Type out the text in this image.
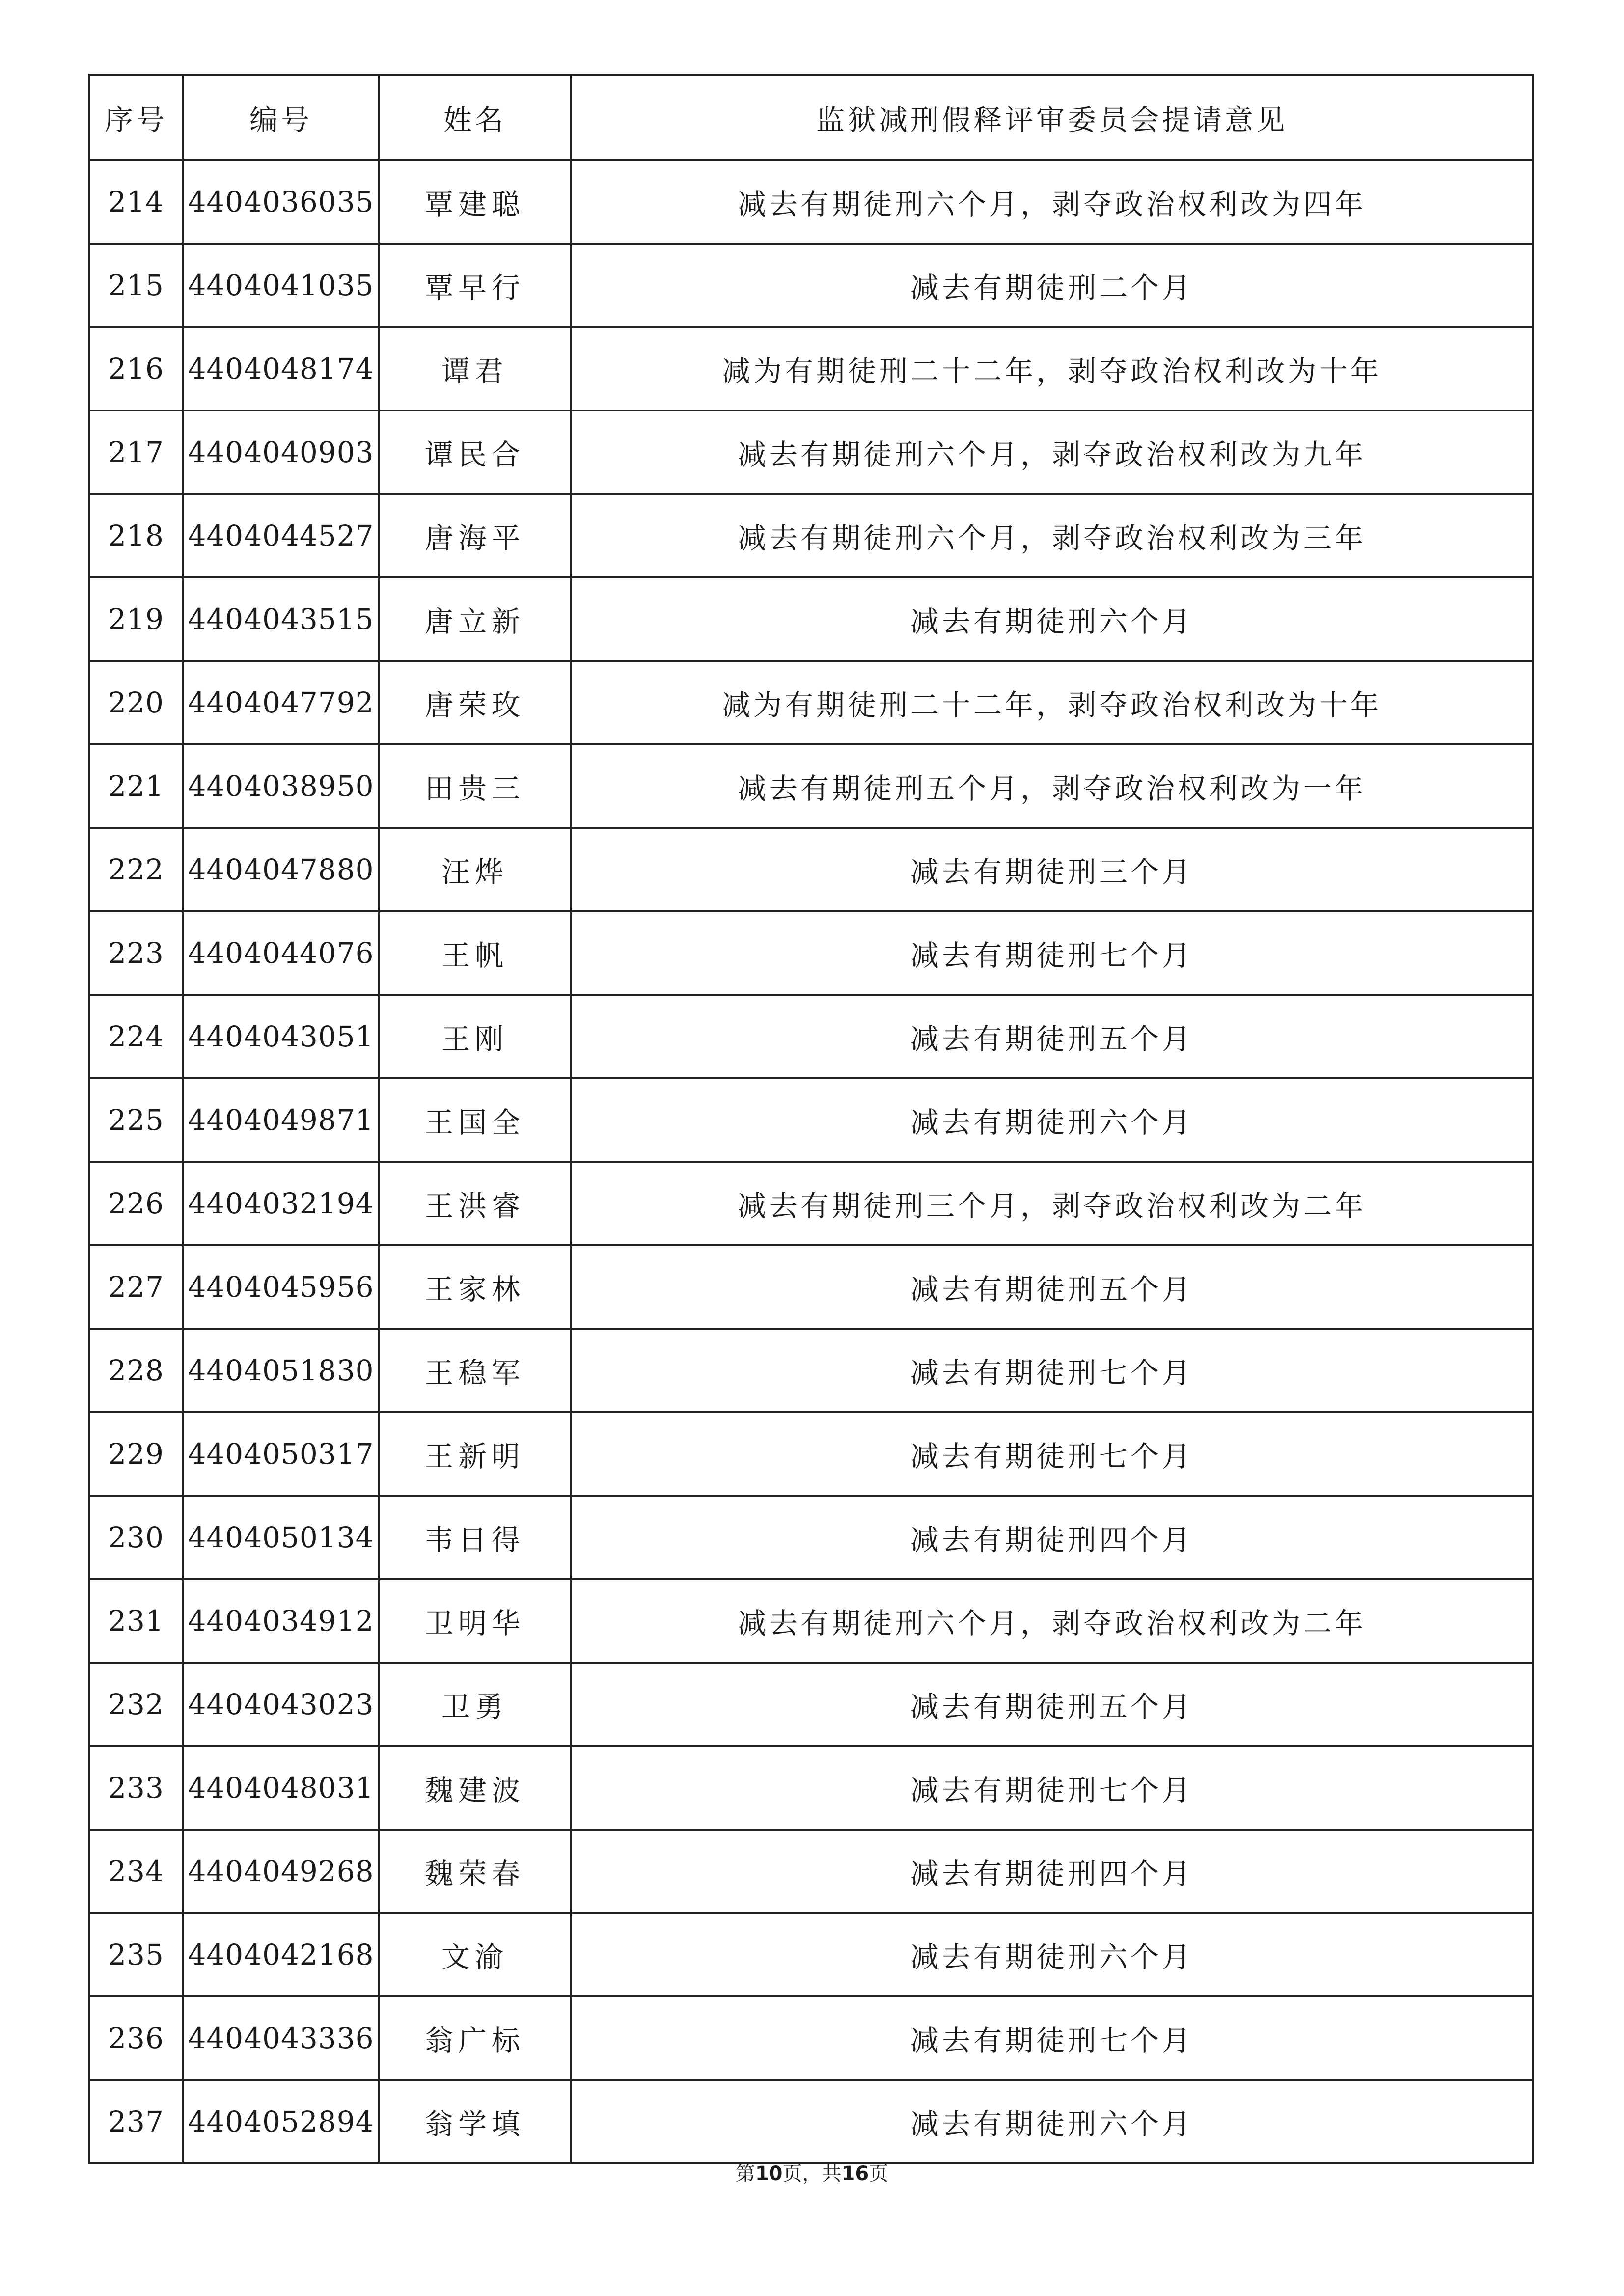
序号	编号	姓名	监狱减刑假释评审委员会提请意见
214	4404036035	覃建聪	减去有期徒刑六个月，剥夺政治权利改为四年
215	4404041035	覃早行	减去有期徒刑二个月
216	4404048174	谭君	减为有期徒刑二十二年，剥夺政治权利改为十年
217	4404040903	谭民合	减去有期徒刑六个月，剥夺政治权利改为九年
218	4404044527	唐海平	减去有期徒刑六个月，剥夺政治权利改为三年
219	4404043515	唐立新	减去有期徒刑六个月
220	4404047792	唐荣玫	减为有期徒刑二十二年，剥夺政治权利改为十年
221	4404038950	田贵三	减去有期徒刑五个月，剥夺政治权利改为一年
222	4404047880	汪烨	减去有期徒刑三个月
223	4404044076	王帆	减去有期徒刑七个月
224	4404043051	王刚	减去有期徒刑五个月
225	4404049871	王国全	减去有期徒刑六个月
226	4404032194	王洪睿	减去有期徒刑三个月，剥夺政治权利改为二年
227	4404045956	王家林	减去有期徒刑五个月
228	4404051830	王稳军	减去有期徒刑七个月
229	4404050317	王新明	减去有期徒刑七个月
230	4404050134	韦日得	减去有期徒刑四个月
231	4404034912	卫明华	减去有期徒刑六个月，剥夺政治权利改为二年
232	4404043023	卫勇	减去有期徒刑五个月
233	4404048031	魏建波	减去有期徒刑七个月
234	4404049268	魏荣春	减去有期徒刑四个月
235	4404042168	文渝	减去有期徒刑六个月
236	4404043336	翁广标	减去有期徒刑七个月
237	4404052894	翁学填	减去有期徒刑六个月
第10页，共16页
